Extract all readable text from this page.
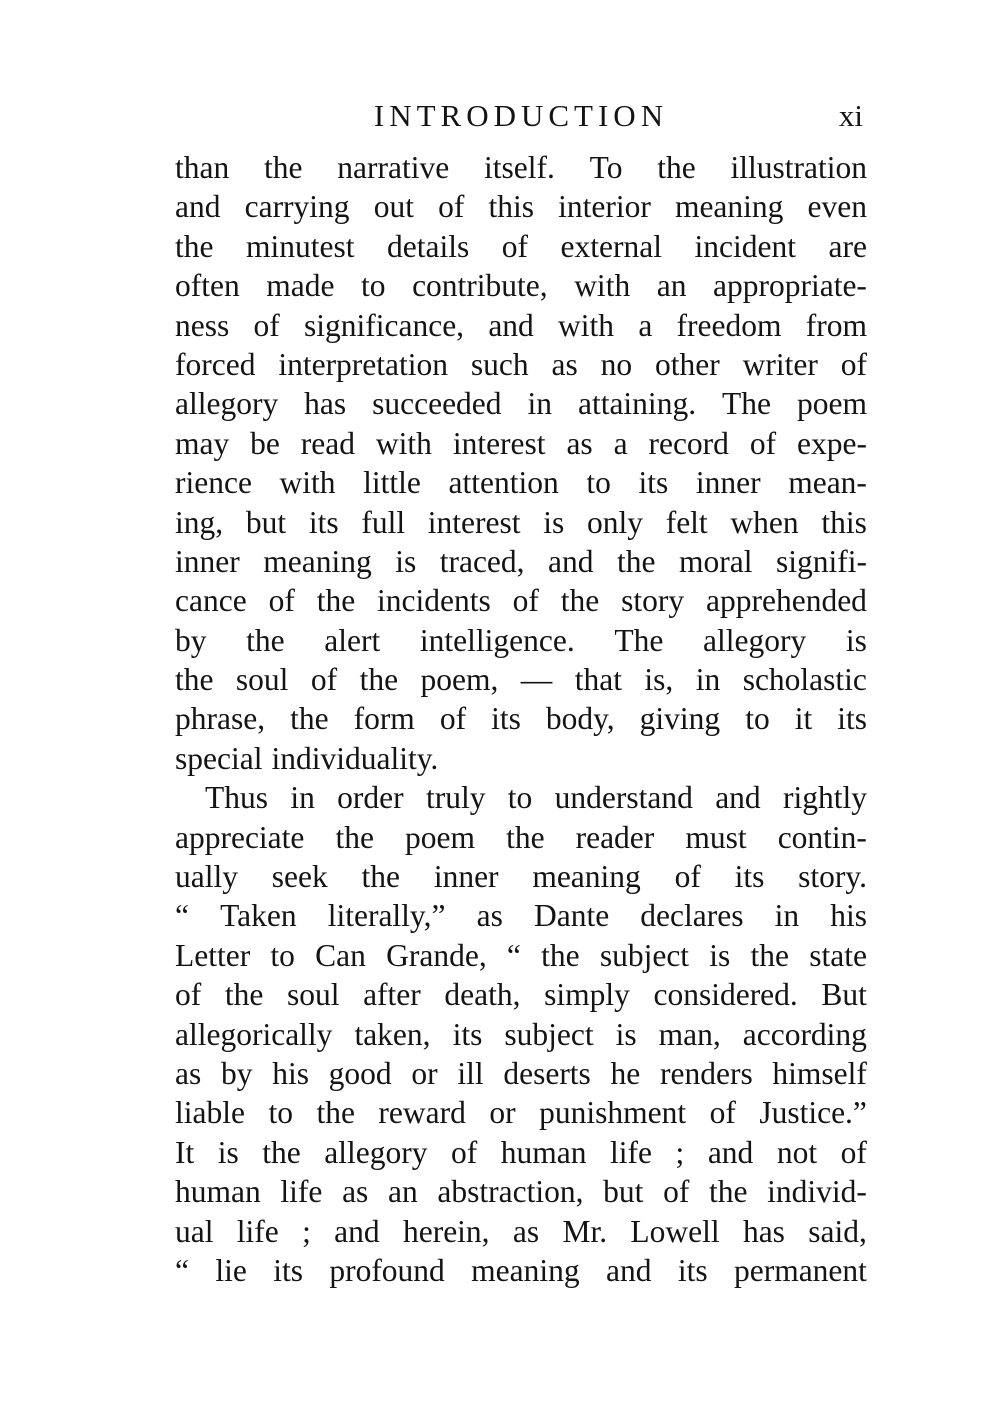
INTRODUCTION	xi
than the narrative itself. To the illustration
and carrying out of this interior meaning even
the minutest details of external incident are
often made to contribute, with an appropriate-
ness of significance, and with a freedom from
forced interpretation such as no other writer of
allegory has succeeded in attaining. The poem
may be read with interest as a record of expe-
rience with little attention to its inner mean-
ing, but its full interest is only felt when this
inner meaning is traced, and the moral signifi-
cance of the incidents of the story apprehended
by the alert intelligence. The allegory is
the soul of the poem, — that is, in scholastic
phrase, the form of its body, giving to it its
special individuality.
Thus in order truly to understand and rightly
appreciate the poem the reader must contin-
ually seek the inner meaning of its story.
“ Taken literally,” as Dante declares in his
Letter to Can Grande, “ the subject is the state
of the soul after death, simply considered. But
allegorically taken, its subject is man, according
as by his good or ill deserts he renders himself
liable to the reward or punishment of Justice.”
It is the allegory of human life ; and not of
human life as an abstraction, but of the individ-
ual life ; and herein, as Mr. Lowell has said,
“ lie its profound meaning and its permanent
